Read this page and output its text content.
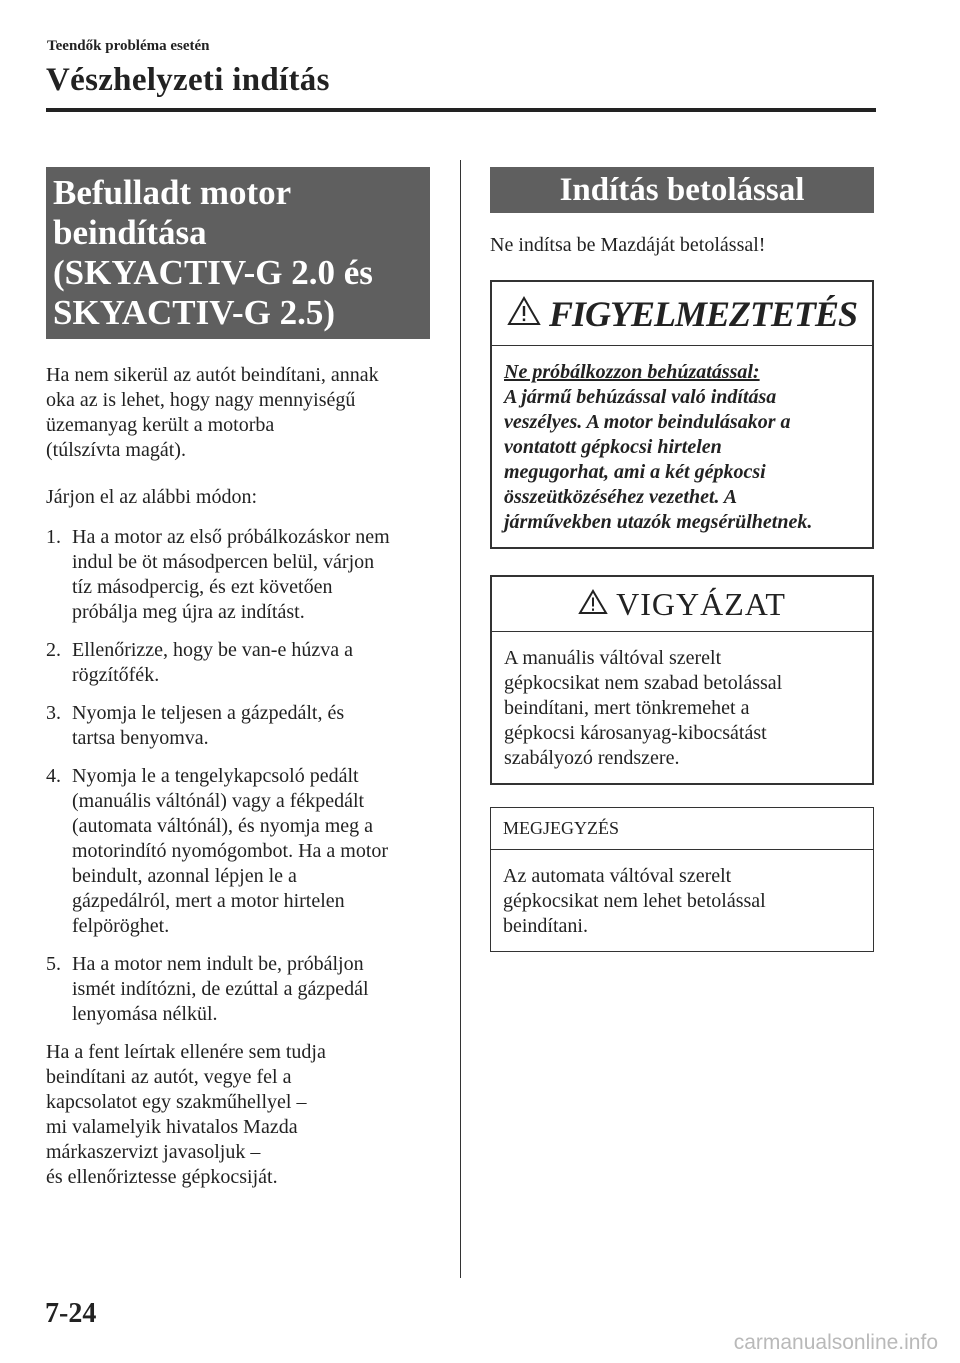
Teendők probléma esetén
Vészhelyzeti indítás
Befulladt motor beindítása
(SKYACTIV-G 2.0 és
SKYACTIV-G 2.5)

Ha nem sikerül az autót beindítani, annak
oka az is lehet, hogy nagy mennyiségű
üzemanyag került a motorba
(túlszívta magát).

Járjon el az alábbi módon:

1. Ha a motor az első próbálkozáskor nem
indul be öt másodpercen belül, várjon
tíz másodpercig, és ezt követően
próbálja meg újra az indítást.
2. Ellenőrizze, hogy be van-e húzva a
rögzítőfék.
3. Nyomja le teljesen a gázpedált, és
tartsa benyomva.
4. Nyomja le a tengelykapcsoló pedált
(manuális váltónál) vagy a fékpedált
(automata váltónál), és nyomja meg a
motorindító nyomógombot. Ha a motor
beindult, azonnal lépjen le a
gázpedálról, mert a motor hirtelen
felpöröghet.
5. Ha a motor nem indult be, próbáljon
ismét indítózni, de ezúttal a gázpedál
lenyomása nélkül.

Ha a fent leírtak ellenére sem tudja
beindítani az autót, vegye fel a
kapcsolatot egy szakműhellyel –
mi valamelyik hivatalos Mazda
márkaszervizt javasoljuk –
és ellenőriztesse gépkocsiját.

Indítás betolással

Ne indítsa be Mazdáját betolással!

FIGYELMEZTETÉS
Ne próbálkozzon behúzatással:
A jármű behúzással való indítása
veszélyes. A motor beindulásakor a
vontatott gépkocsi hirtelen
megugorhat, ami a két gépkocsi
összeütközéséhez vezethet. A
járművekben utazók megsérülhetnek.
VIGYÁZAT
A manuális váltóval szerelt
gépkocsikat nem szabad betolással
beindítani, mert tönkremehet a
gépkocsi károsanyag-kibocsátást
szabályozó rendszere.
MEGJEGYZÉS
Az automata váltóval szerelt
gépkocsikat nem lehet betolással
beindítani.
7-24
carmanualsonline.info
